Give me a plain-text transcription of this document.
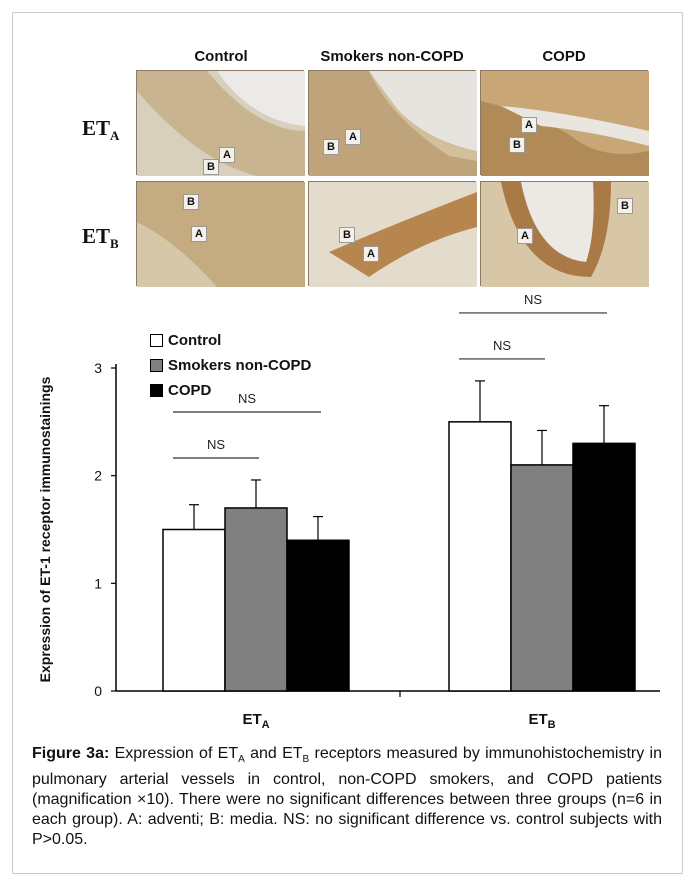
Control	Smokers non-COPD	COPD
$ET_A$
$ET_B$
A
B
A
B
A
B
B
A	B
A
B
A
0
1
2
3
Expression of ET-1 receptor immunostainings
$ET_A$
NS
NS
$ET_B$
NS
NS
Control
Smokers non-COPD
COPD
Figure 3a: Expression of $ET_A$ and $ET_B$ receptors measured by immunohistochemistry in pulmonary arterial vessels in control, non-COPD smokers, and COPD patients (magnification ×10). There were no significant differences between three groups (n=6 in each group). A: adventi; B: media. NS: no significant difference vs. control subjects with P>0.05.
